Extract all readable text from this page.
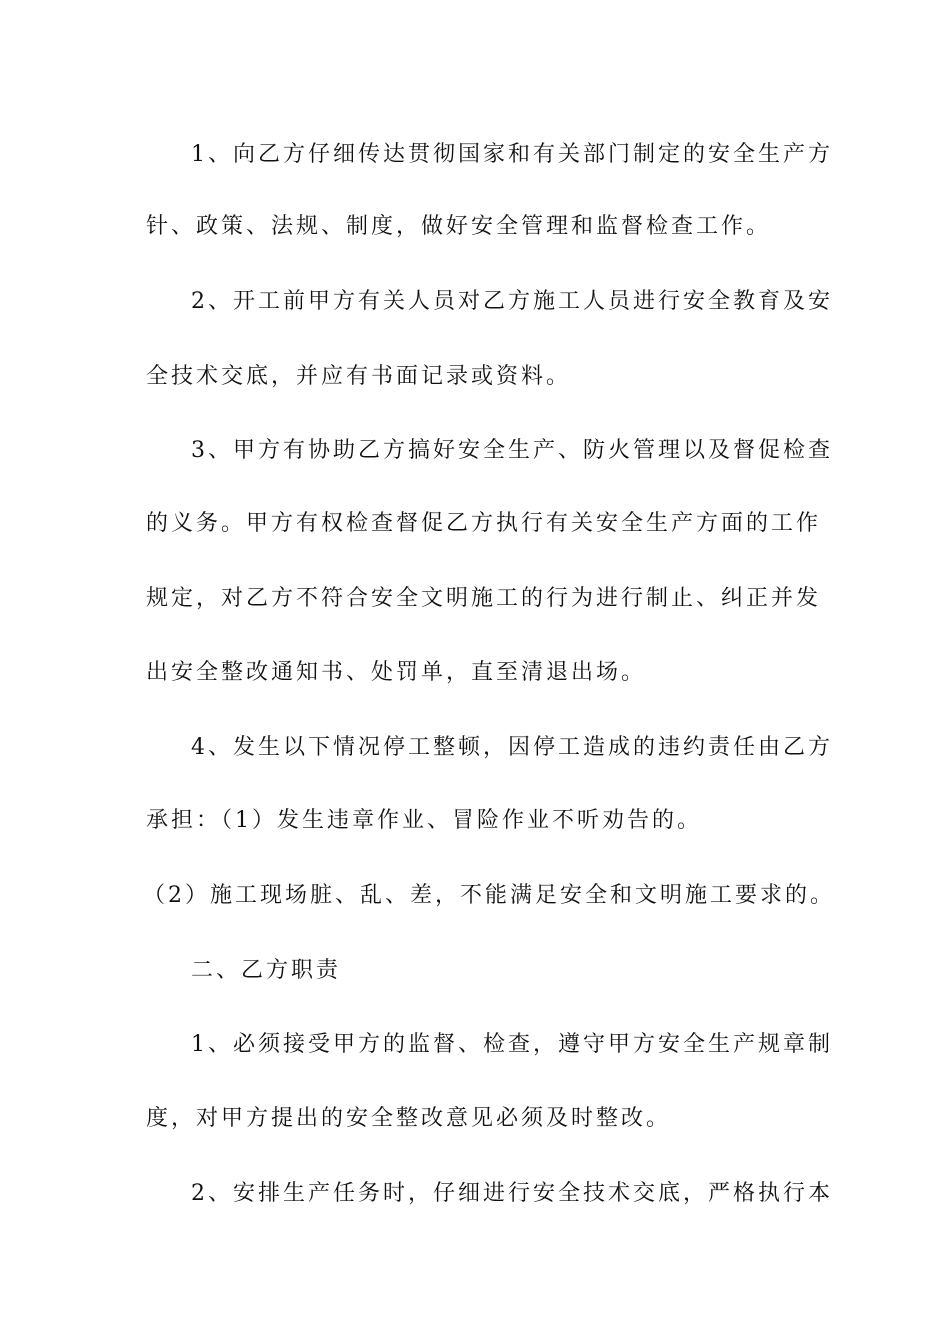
1、向乙方仔细传达贯彻国家和有关部门制定的安全生产方
针、政策、法规、制度，做好安全管理和监督检查工作。
2、开工前甲方有关人员对乙方施工人员进行安全教育及安
全技术交底，并应有书面记录或资料。
3、甲方有协助乙方搞好安全生产、防火管理以及督促检查
的义务。甲方有权检查督促乙方执行有关安全生产方面的工作
规定，对乙方不符合安全文明施工的行为进行制止、纠正并发
出安全整改通知书、处罚单，直至清退出场。
4、发生以下情况停工整顿，因停工造成的违约责任由乙方
承担：（1）发生违章作业、冒险作业不听劝告的。
（2）施工现场脏、乱、差，不能满足安全和文明施工要求的。
二、乙方职责
1、必须接受甲方的监督、检查，遵守甲方安全生产规章制
度，对甲方提出的安全整改意见必须及时整改。
2、安排生产任务时，仔细进行安全技术交底，严格执行本
